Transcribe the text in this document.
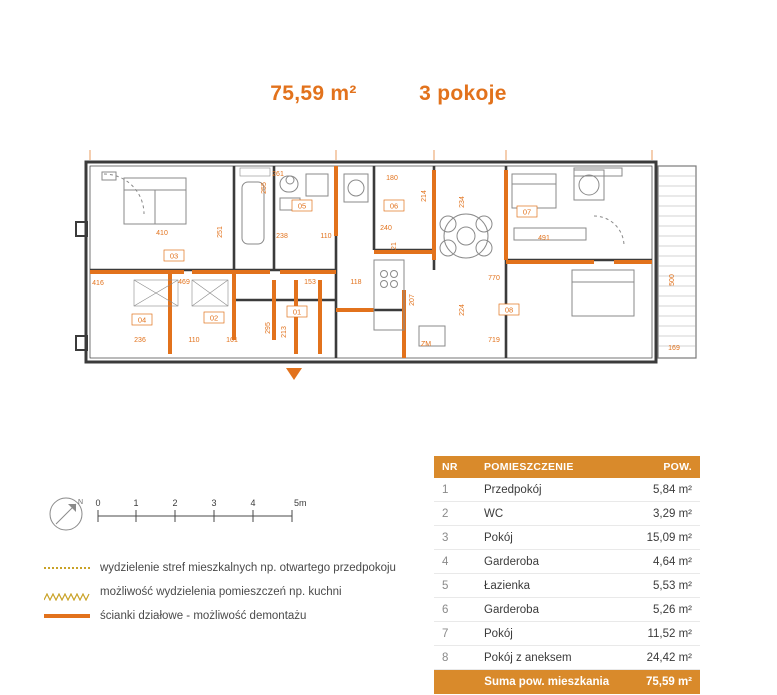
75,59 m²	3 pokoje
03
04	02
01
05	06
07
08
410
469
236	110	161
416
238	110
153	118
240
214
180
234
224
121
207
491
770
719
500
169
295 213
251
255
261
ZM
N 0	1	2	3	4	5m
wydzielenie stref mieszkalnych np. otwartego przedpokoju
możliwość wydzielenia pomieszczeń np. kuchni
ścianki działowe - możliwość demontażu
NR	POMIESZCZENIE	POW.
1	Przedpokój	5,84 m²
2	WC	3,29 m²
3	Pokój	15,09 m²
4	Garderoba	4,64 m²
5	Łazienka	5,53 m²
6	Garderoba	5,26 m²
7	Pokój	11,52 m²
8	Pokój z aneksem	24,42 m²
Suma pow. mieszkania		75,59 m²
